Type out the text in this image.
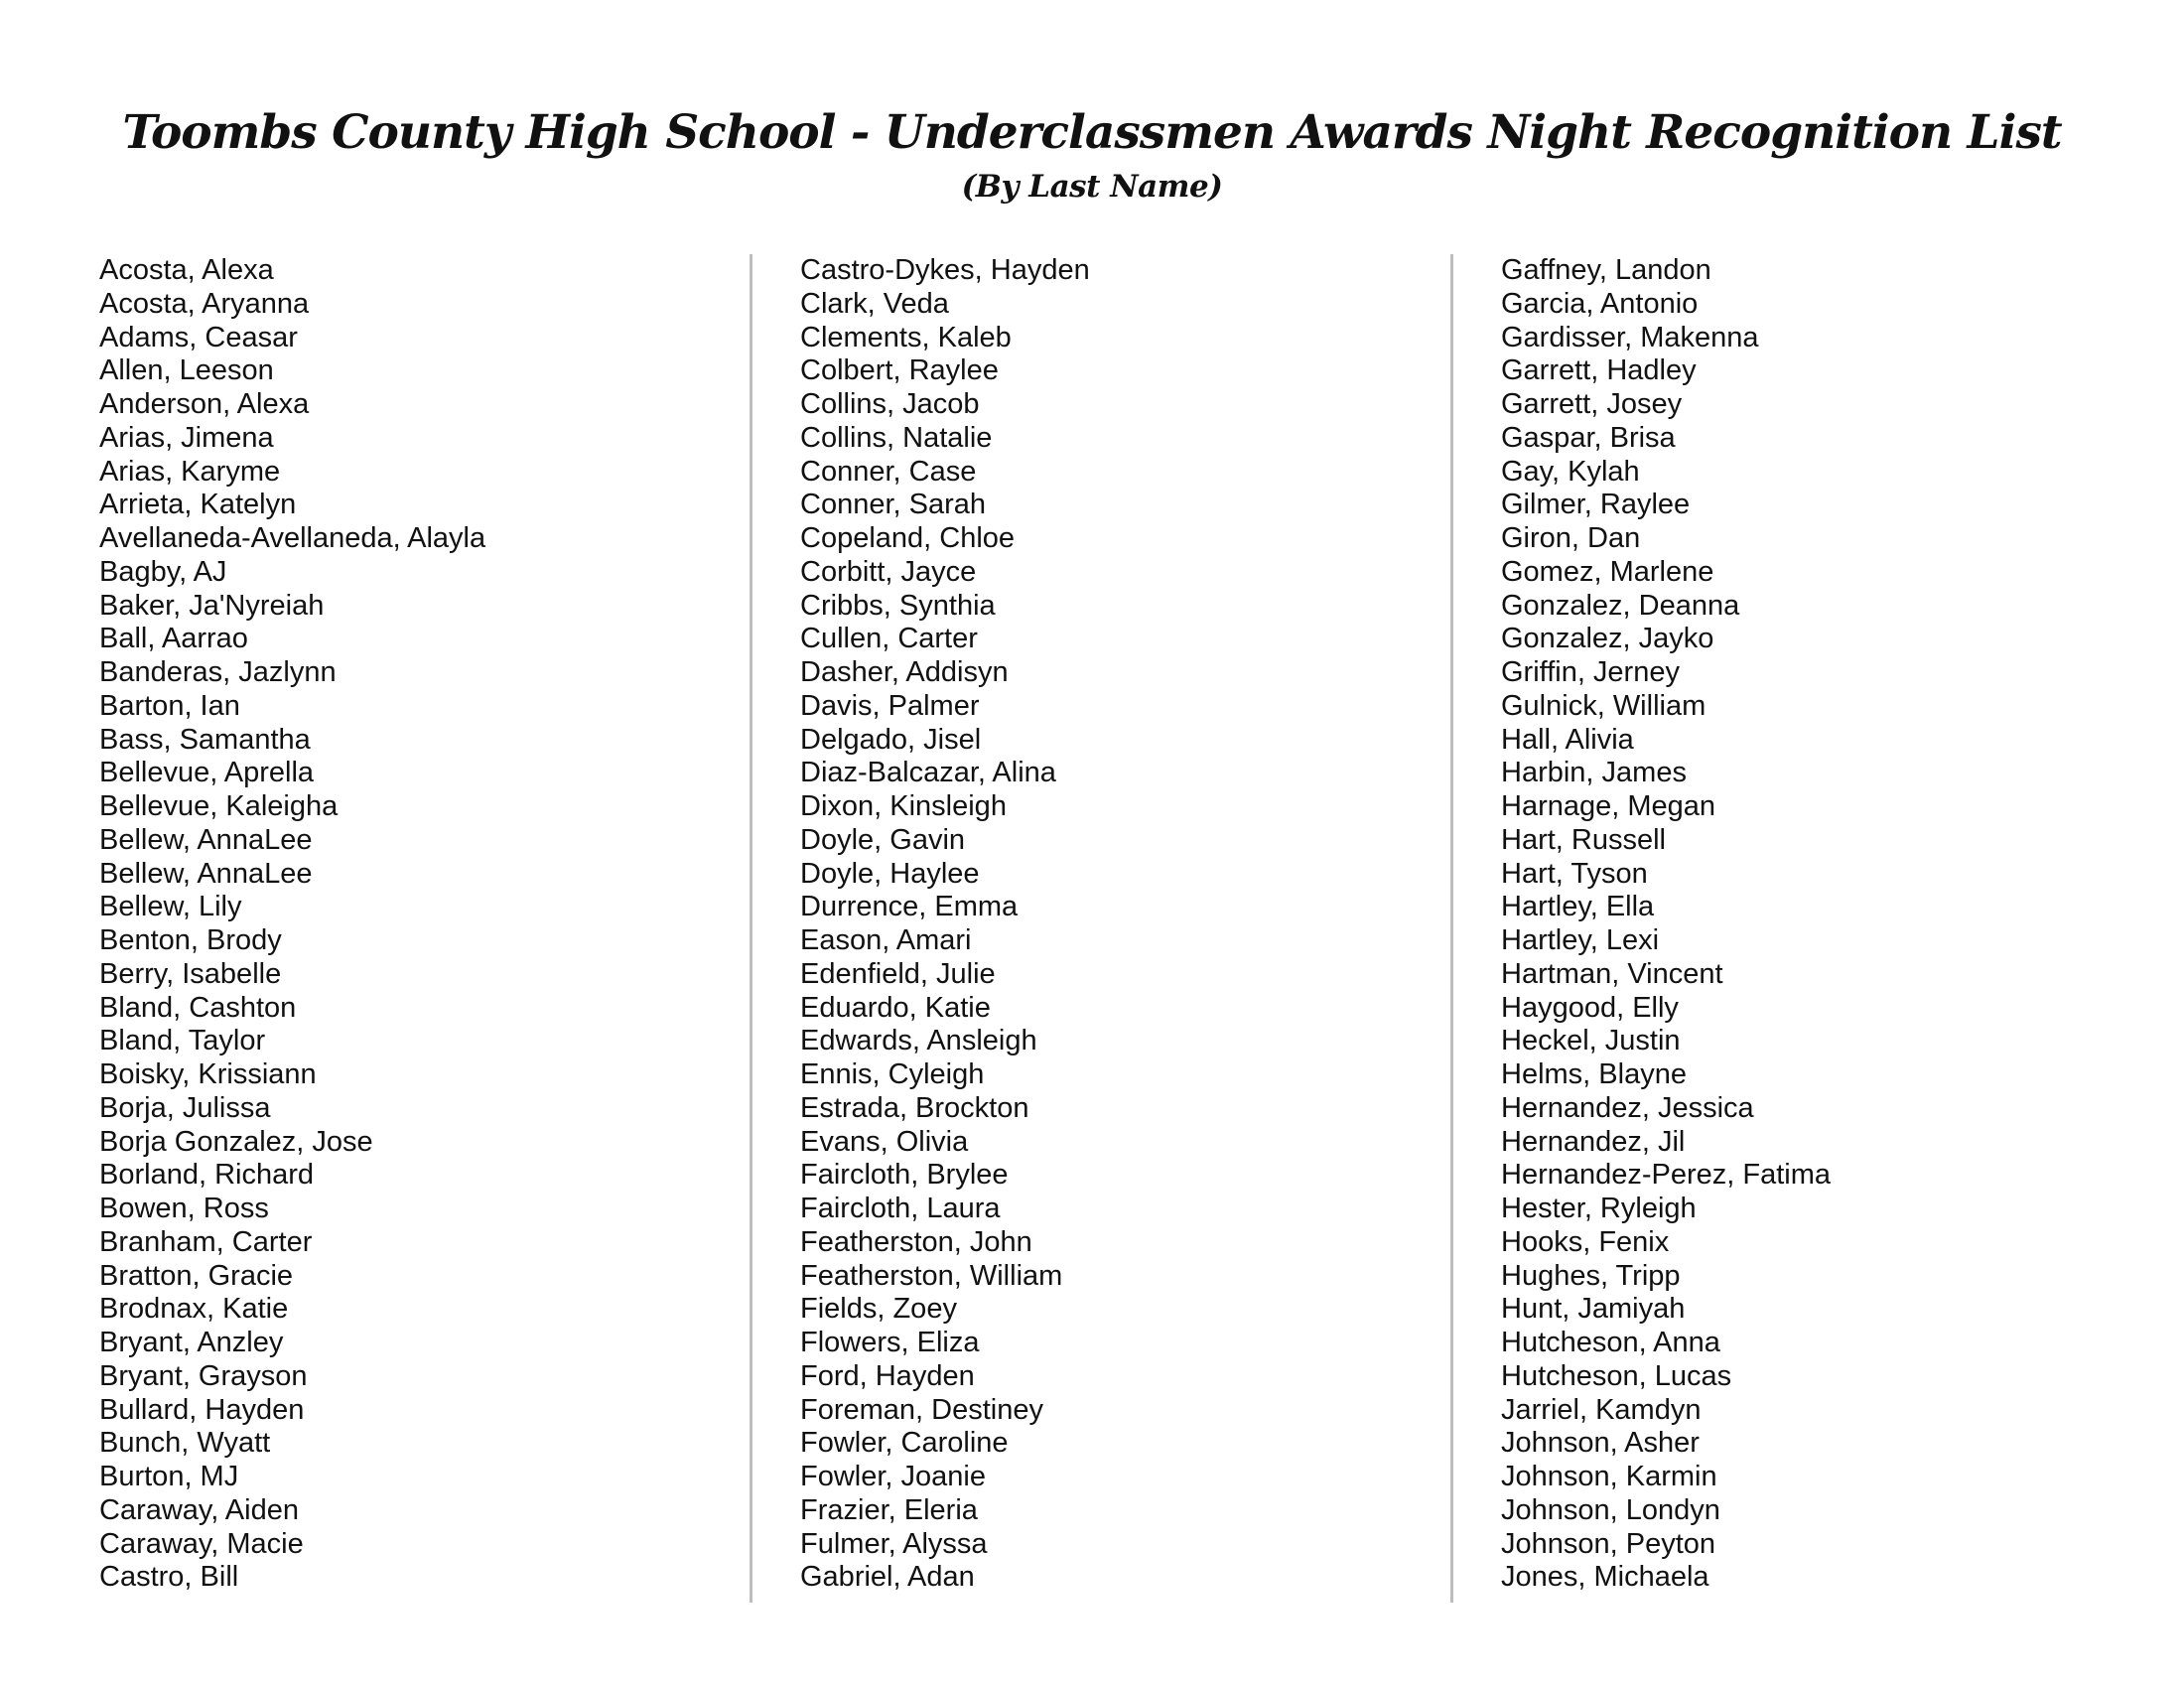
Toombs County High School - Underclassmen Awards Night Recognition List
(By Last Name)
Acosta, Alexa
Acosta, Aryanna
Adams, Ceasar
Allen, Leeson
Anderson, Alexa
Arias, Jimena
Arias, Karyme
Arrieta, Katelyn
Avellaneda-Avellaneda, Alayla
Bagby, AJ
Baker, Ja'Nyreiah
Ball, Aarrao
Banderas, Jazlynn
Barton, Ian
Bass, Samantha
Bellevue, Aprella
Bellevue, Kaleigha
Bellew, AnnaLee
Bellew, AnnaLee
Bellew, Lily
Benton, Brody
Berry, Isabelle
Bland, Cashton
Bland, Taylor
Boisky, Krissiann
Borja, Julissa
Borja Gonzalez, Jose
Borland, Richard
Bowen, Ross
Branham, Carter
Bratton, Gracie
Brodnax, Katie
Bryant, Anzley
Bryant, Grayson
Bullard, Hayden
Bunch, Wyatt
Burton, MJ
Caraway, Aiden
Caraway, Macie
Castro, Bill
Castro-Dykes, Hayden
Clark, Veda
Clements, Kaleb
Colbert, Raylee
Collins, Jacob
Collins, Natalie
Conner, Case
Conner, Sarah
Copeland, Chloe
Corbitt, Jayce
Cribbs, Synthia
Cullen, Carter
Dasher, Addisyn
Davis, Palmer
Delgado, Jisel
Diaz-Balcazar, Alina
Dixon, Kinsleigh
Doyle, Gavin
Doyle, Haylee
Durrence, Emma
Eason, Amari
Edenfield, Julie
Eduardo, Katie
Edwards, Ansleigh
Ennis, Cyleigh
Estrada, Brockton
Evans, Olivia
Faircloth, Brylee
Faircloth, Laura
Featherston, John
Featherston, William
Fields, Zoey
Flowers, Eliza
Ford, Hayden
Foreman, Destiney
Fowler, Caroline
Fowler, Joanie
Frazier, Eleria
Fulmer, Alyssa
Gabriel, Adan
Gaffney, Landon
Garcia, Antonio
Gardisser, Makenna
Garrett, Hadley
Garrett, Josey
Gaspar, Brisa
Gay, Kylah
Gilmer, Raylee
Giron, Dan
Gomez, Marlene
Gonzalez, Deanna
Gonzalez, Jayko
Griffin, Jerney
Gulnick, William
Hall, Alivia
Harbin, James
Harnage, Megan
Hart, Russell
Hart, Tyson
Hartley, Ella
Hartley, Lexi
Hartman, Vincent
Haygood, Elly
Heckel, Justin
Helms, Blayne
Hernandez, Jessica
Hernandez, Jil
Hernandez-Perez, Fatima
Hester, Ryleigh
Hooks, Fenix
Hughes, Tripp
Hunt, Jamiyah
Hutcheson, Anna
Hutcheson, Lucas
Jarriel, Kamdyn
Johnson, Asher
Johnson, Karmin
Johnson, Londyn
Johnson, Peyton
Jones, Michaela
